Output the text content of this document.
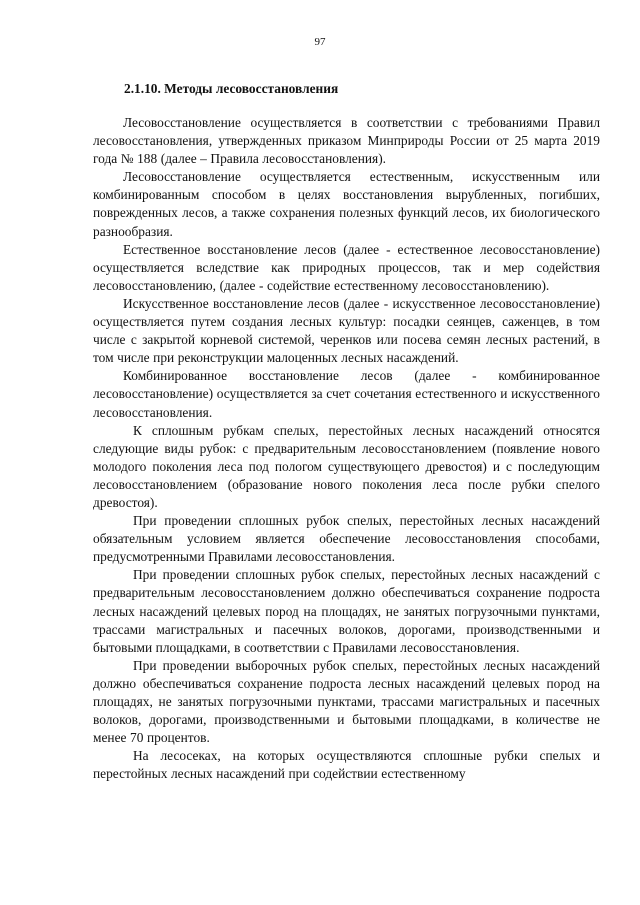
97
2.1.10. Методы лесовосстановления

Лесовосстановление осуществляется в соответствии с требованиями Правил лесовосстановления, утвержденных приказом Минприроды России от 25 марта 2019 года № 188 (далее – Правила лесовосстановления).

Лесовосстановление осуществляется естественным, искусственным или комбинированным способом в целях восстановления вырубленных, погибших, поврежденных лесов, а также сохранения полезных функций лесов, их биологического разнообразия.

Естественное восстановление лесов (далее - естественное лесовосстановление) осуществляется вследствие как природных процессов, так и мер содействия лесовосстановлению, (далее - содействие естественному лесовосстановлению).

Искусственное восстановление лесов (далее - искусственное лесовосстановление) осуществляется путем создания лесных культур: посадки сеянцев, саженцев, в том числе с закрытой корневой системой, черенков или посева семян лесных растений, в том числе при реконструкции малоценных лесных насаждений.

Комбинированное восстановление лесов (далее - комбинированное лесовосстановление) осуществляется за счет сочетания естественного и искусственного лесовосстановления.

К сплошным рубкам спелых, перестойных лесных насаждений относятся следующие виды рубок: с предварительным лесовосстановлением (появление нового молодого поколения леса под пологом существующего древостоя) и с последующим лесовосстановлением (образование нового поколения леса после рубки спелого древостоя).

При проведении сплошных рубок спелых, перестойных лесных насаждений обязательным условием является обеспечение лесовосстановления способами, предусмотренными Правилами лесовосстановления.

При проведении сплошных рубок спелых, перестойных лесных насаждений с предварительным лесовосстановлением должно обеспечиваться сохранение подроста лесных насаждений целевых пород на площадях, не занятых погрузочными пунктами, трассами магистральных и пасечных волоков, дорогами, производственными и бытовыми площадками, в соответствии с Правилами лесовосстановления.

При проведении выборочных рубок спелых, перестойных лесных насаждений должно обеспечиваться сохранение подроста лесных насаждений целевых пород на площадях, не занятых погрузочными пунктами, трассами магистральных и пасечных волоков, дорогами, производственными и бытовыми площадками, в количестве не менее 70 процентов.

На лесосеках, на которых осуществляются сплошные рубки спелых и перестойных лесных насаждений при содействии естественному
